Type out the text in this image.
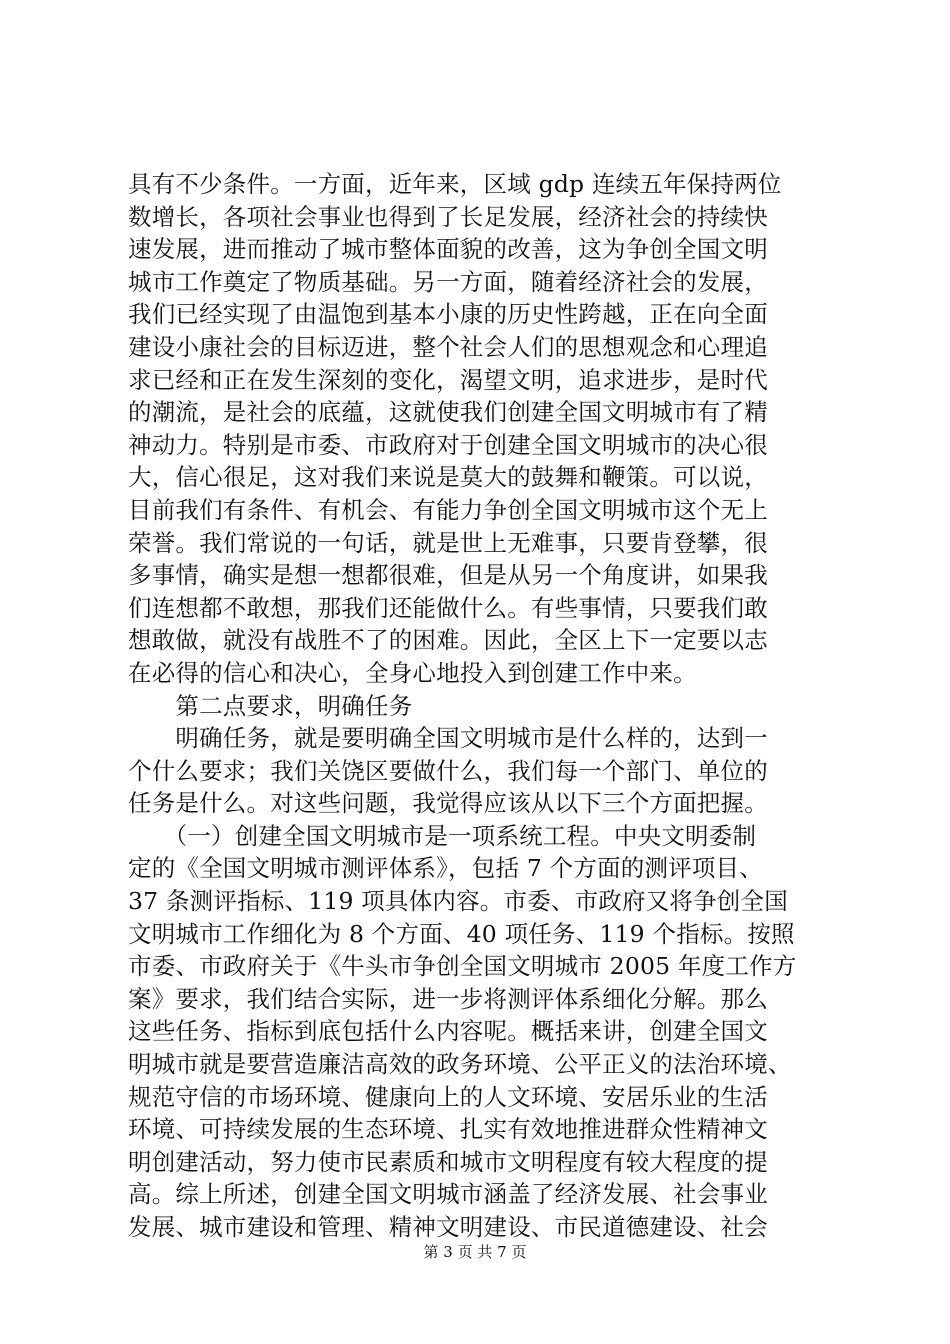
具有不少条件。一方面，近年来，区域 gdp 连续五年保持两位
数增长，各项社会事业也得到了长足发展，经济社会的持续快
速发展，进而推动了城市整体面貌的改善，这为争创全国文明
城市工作奠定了物质基础。另一方面，随着经济社会的发展，
我们已经实现了由温饱到基本小康的历史性跨越，正在向全面
建设小康社会的目标迈进，整个社会人们的思想观念和心理追
求已经和正在发生深刻的变化，渴望文明，追求进步，是时代
的潮流，是社会的底蕴，这就使我们创建全国文明城市有了精
神动力。特别是市委、市政府对于创建全国文明城市的决心很
大，信心很足，这对我们来说是莫大的鼓舞和鞭策。可以说，
目前我们有条件、有机会、有能力争创全国文明城市这个无上
荣誉。我们常说的一句话，就是世上无难事，只要肯登攀，很
多事情，确实是想一想都很难，但是从另一个角度讲，如果我
们连想都不敢想，那我们还能做什么。有些事情，只要我们敢
想敢做，就没有战胜不了的困难。因此，全区上下一定要以志
在必得的信心和决心，全身心地投入到创建工作中来。
　　第二点要求，明确任务
　　明确任务，就是要明确全国文明城市是什么样的，达到一
个什么要求；我们关饶区要做什么，我们每一个部门、单位的
任务是什么。对这些问题，我觉得应该从以下三个方面把握。
　　（一）创建全国文明城市是一项系统工程。中央文明委制
定的《全国文明城市测评体系》，包括 7 个方面的测评项目、
37 条测评指标、119 项具体内容。市委、市政府又将争创全国
文明城市工作细化为 8 个方面、40 项任务、119 个指标。按照
市委、市政府关于《牛头市争创全国文明城市 2005 年度工作方
案》要求，我们结合实际，进一步将测评体系细化分解。那么
这些任务、指标到底包括什么内容呢。概括来讲，创建全国文
明城市就是要营造廉洁高效的政务环境、公平正义的法治环境、
规范守信的市场环境、健康向上的人文环境、安居乐业的生活
环境、可持续发展的生态环境、扎实有效地推进群众性精神文
明创建活动，努力使市民素质和城市文明程度有较大程度的提
高。综上所述，创建全国文明城市涵盖了经济发展、社会事业
发展、城市建设和管理、精神文明建设、市民道德建设、社会
第 3 页 共 7 页
